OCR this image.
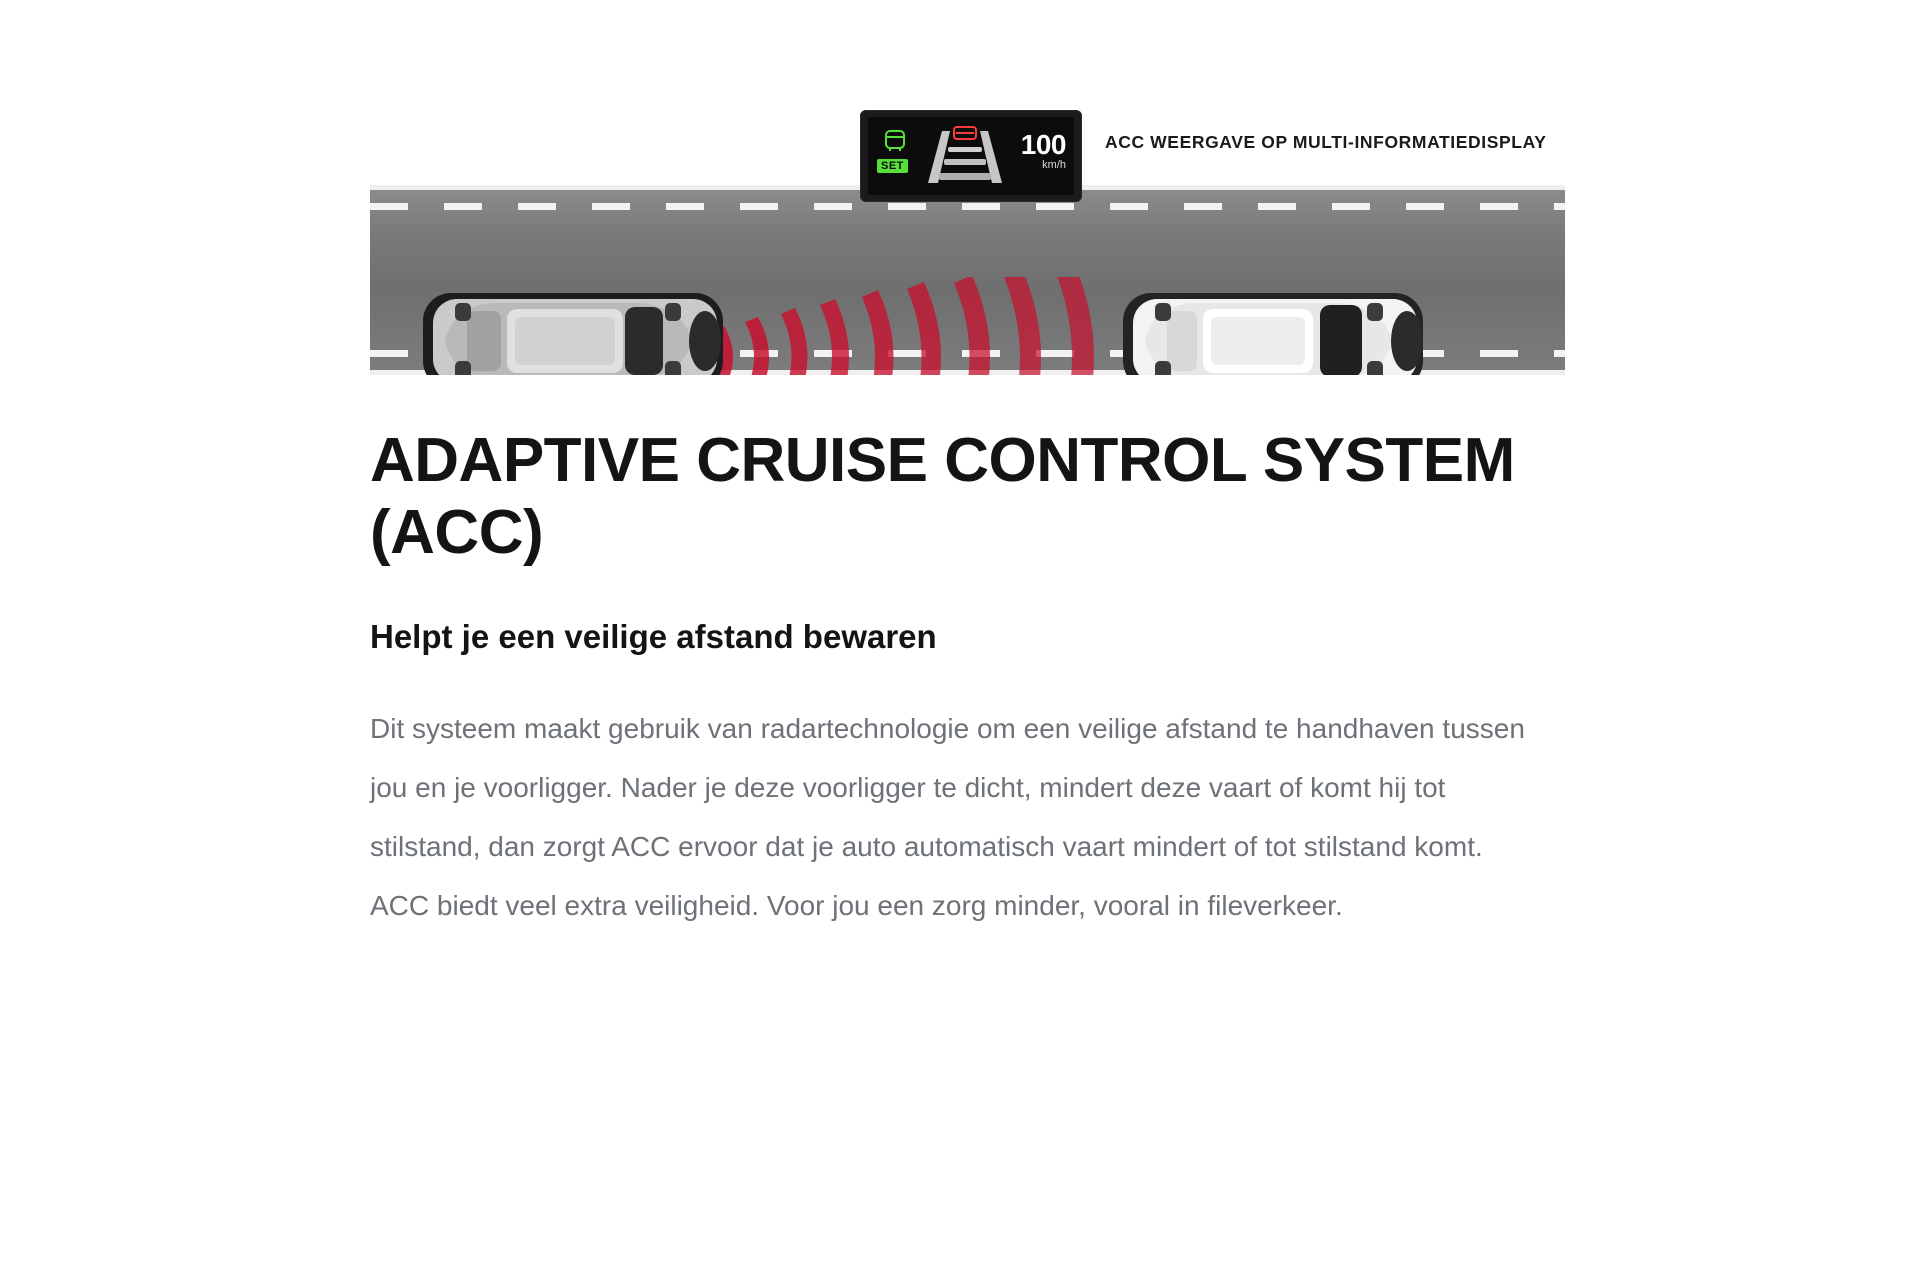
SET
100
km/h
ACC WEERGAVE OP MULTI-INFORMATIEDISPLAY
ADAPTIVE CRUISE CONTROL SYSTEM (ACC)
Helpt je een veilige afstand bewaren

Dit systeem maakt gebruik van radartechnologie om een veilige afstand te handhaven tussen jou en je voorligger. Nader je deze voorligger te dicht, mindert deze vaart of komt hij tot stilstand, dan zorgt ACC ervoor dat je auto automatisch vaart mindert of tot stilstand komt. ACC biedt veel extra veiligheid. Voor jou een zorg minder, vooral in fileverkeer.
